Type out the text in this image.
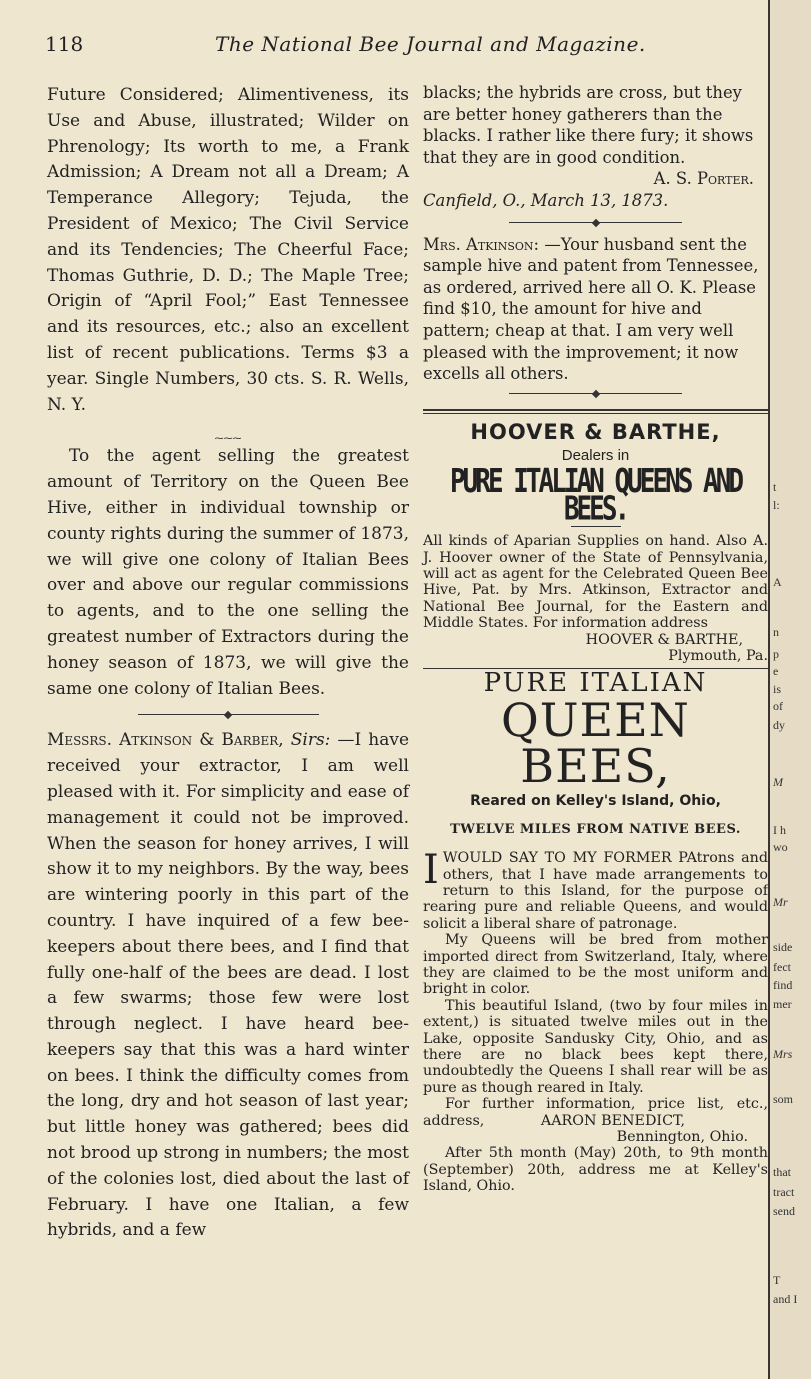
118	The National Bee Journal and Magazine.

Future Considered; Alimentiveness, its Use and Abuse, illustrated; Wilder on Phrenology; Its worth to me, a Frank Admission; A Dream not all a Dream; A Temperance Allegory; Tejuda, the President of Mexico; The Civil Service and its Tendencies; The Cheerful Face; Thomas Guthrie, D. D.; The Maple Tree; Origin of “April Fool;” East Tennessee and its resources, etc.; also an excellent list of recent publications. Terms $3 a year. Single Numbers, 30 cts. S. R. Wells, N. Y.

⁓⁓⁓

To the agent selling the greatest amount of Territory on the Queen Bee Hive, either in individual township or county rights during the summer of 1873, we will give one colony of Italian Bees over and above our regular commissions to agents, and to the one selling the greatest number of Extractors during the honey season of 1873, we will give the same one colony of Italian Bees.

Messrs. Atkinson & Barber, Sirs: —I have received your extractor, I am well pleased with it. For simplicity and ease of management it could not be improved. When the season for honey arrives, I will show it to my neighbors. By the way, bees are wintering poorly in this part of the country. I have inquired of a few bee-keepers about there bees, and I find that fully one-half of the bees are dead. I lost a few swarms; those few were lost through neglect. I have heard bee-keepers say that this was a hard winter on bees. I think the difficulty comes from the long, dry and hot season of last year; but little honey was gathered; bees did not brood up strong in numbers; the most of the colonies lost, died about the last of February. I have one Italian, a few hybrids, and a few

blacks; the hybrids are cross, but they are better honey gatherers than the blacks. I rather like there fury; it shows that they are in good condition.

A. S. Porter.

Canfield, O., March 13, 1873.

Mrs. Atkinson: —Your husband sent the sample hive and patent from Tennessee, as ordered, arrived here all O. K. Please find $10, the amount for hive and pattern; cheap at that. I am very well pleased with the improvement; it now excells all others.

HOOVER & BARTHE,
Dealers in
PURE ITALIAN QUEENS AND BEES.

All kinds of Aparian Supplies on hand. Also A. J. Hoover owner of the State of Pennsylvania, will act as agent for the Celebrated Queen Bee Hive, Pat. by Mrs. Atkinson, Extractor and National Bee Journal, for the Eastern and Middle States. For information address

HOOVER & BARTHE,

Plymouth, Pa.

PURE ITALIAN
QUEEN BEES,
Reared on Kelley's Island, Ohio,
TWELVE MILES FROM NATIVE BEES.
I WOULD SAY TO MY FORMER PAtrons and others, that I have made arrangements to return to this Island, for the purpose of rearing pure and reliable Queens, and would solicit a liberal share of patronage.

My Queens will be bred from mother imported direct from Switzerland, Italy, where they are claimed to be the most uniform and bright in color.

This beautiful Island, (two by four miles in extent,) is situated twelve miles out in the Lake, opposite Sandusky City, Ohio, and as there are no black bees kept there, undoubtedly the Queens I shall rear will be as pure as though reared in Italy.

For further information, price list, etc., address,	AARON BENEDICT,

Bennington, Ohio.

After 5th month (May) 20th, to 9th month (September) 20th, address me at Kelley's Island, Ohio.

t
l:
A
n
p
e
is
of
dy
M
I h
wo
Mr
side
fect
find
mer
Mrs
som
that
tract
send
T
and I
